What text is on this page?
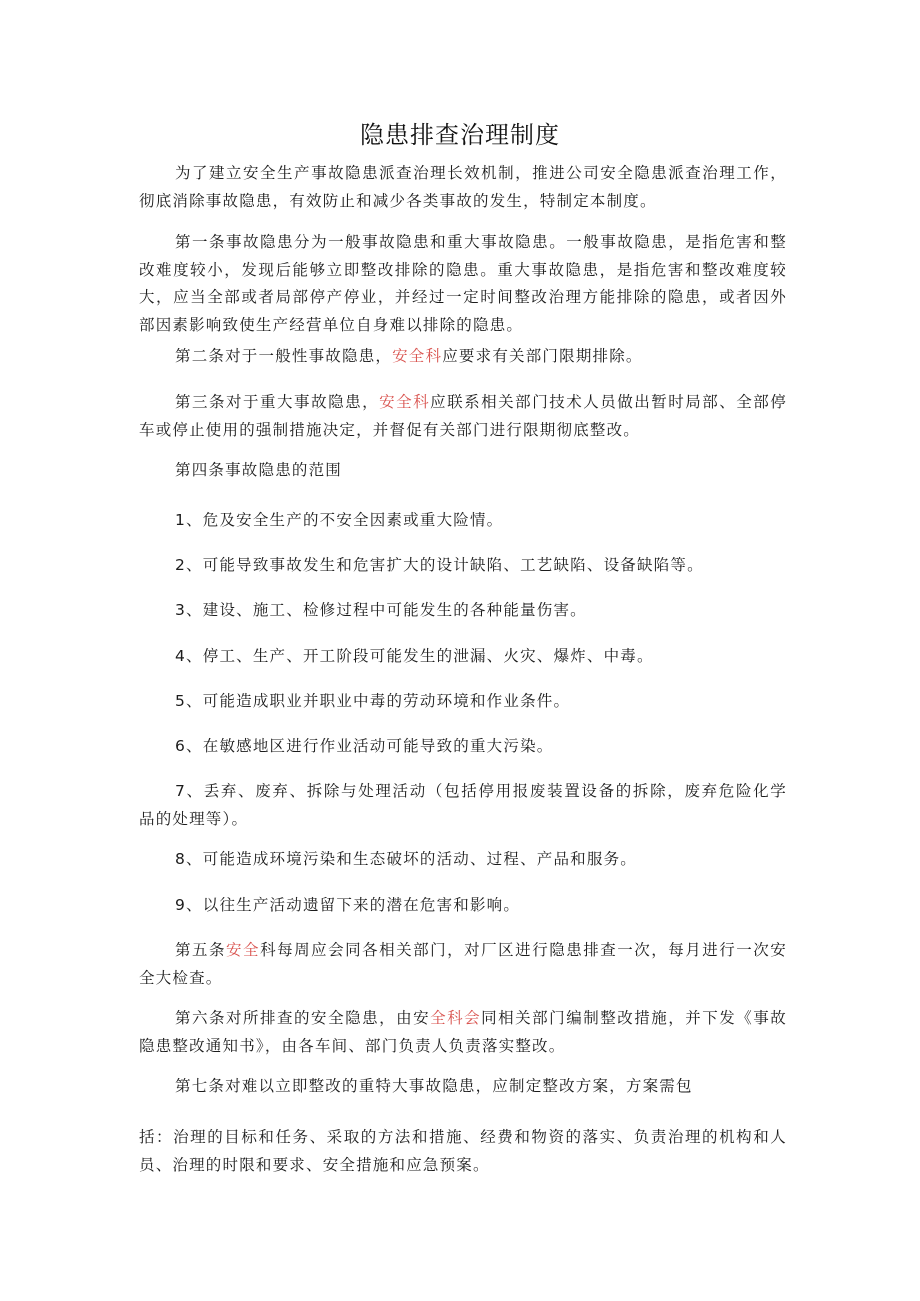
隐患排查治理制度

为了建立安全生产事故隐患派查治理长效机制，推进公司安全隐患派查治理工作，彻底消除事故隐患，有效防止和减少各类事故的发生，特制定本制度。

第一条事故隐患分为一般事故隐患和重大事故隐患。一般事故隐患，是指危害和整改难度较小，发现后能够立即整改排除的隐患。重大事故隐患，是指危害和整改难度较大，应当全部或者局部停产停业，并经过一定时间整改治理方能排除的隐患，或者因外部因素影响致使生产经营单位自身难以排除的隐患。

第二条对于一般性事故隐患，安全科应要求有关部门限期排除。

第三条对于重大事故隐患，安全科应联系相关部门技术人员做出暂时局部、全部停车或停止使用的强制措施决定，并督促有关部门进行限期彻底整改。

第四条事故隐患的范围

1、危及安全生产的不安全因素或重大险情。

2、可能导致事故发生和危害扩大的设计缺陷、工艺缺陷、设备缺陷等。

3、建设、施工、检修过程中可能发生的各种能量伤害。

4、停工、生产、开工阶段可能发生的泄漏、火灾、爆炸、中毒。

5、可能造成职业并职业中毒的劳动环境和作业条件。

6、在敏感地区进行作业活动可能导致的重大污染。

7、丢弃、废弃、拆除与处理活动（包括停用报废装置设备的拆除，废弃危险化学品的处理等）。

8、可能造成环境污染和生态破坏的活动、过程、产品和服务。

9、以往生产活动遗留下来的潜在危害和影响。

第五条安全科每周应会同各相关部门，对厂区进行隐患排查一次，每月进行一次安全大检查。

第六条对所排查的安全隐患，由安全科会同相关部门编制整改措施，并下发《事故隐患整改通知书》，由各车间、部门负责人负责落实整改。

第七条对难以立即整改的重特大事故隐患，应制定整改方案，方案需包

括：治理的目标和任务、采取的方法和措施、经费和物资的落实、负责治理的机构和人员、治理的时限和要求、安全措施和应急预案。
